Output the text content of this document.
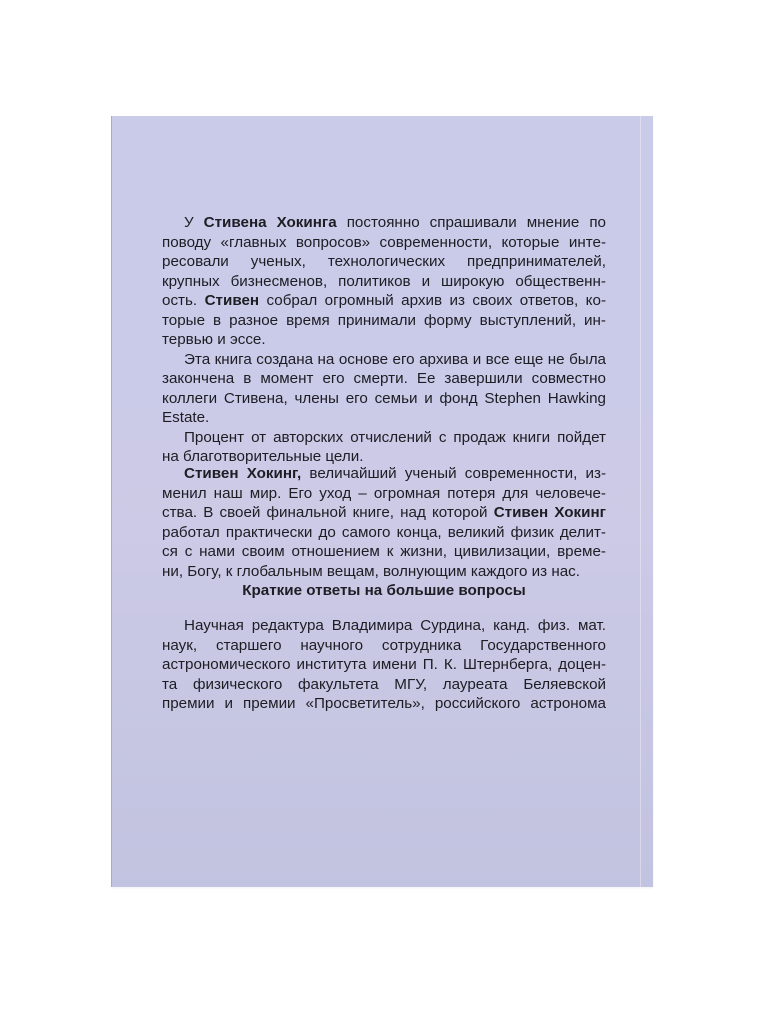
У Стивена Хокинга постоянно спрашивали мнение по
поводу «главных вопросов» современности, которые инте-
ресовали ученых, технологических предпринимателей,
крупных бизнесменов, политиков и широкую общественн-
ость. Стивен собрал огромный архив из своих ответов, ко-
торые в разное время принимали форму выступлений, ин-
тервью и эссе.
Эта книга создана на основе его архива и все еще не была
закончена в момент его смерти. Ее завершили совместно
коллеги Стивена, члены его семьи и фонд Stephen Hawking
Estate.
Процент от авторских отчислений с продаж книги пойдет
на благотворительные цели.
Стивен Хокинг, величайший ученый современности, из-
менил наш мир. Его уход – огромная потеря для человече-
ства. В своей финальной книге, над которой Стивен Хокинг
работал практически до самого конца, великий физик делит-
ся с нами своим отношением к жизни, цивилизации, време-
ни, Богу, к глобальным вещам, волнующим каждого из нас.
Краткие ответы на большие вопросы
Научная редактура Владимира Сурдина, канд. физ. мат.
наук, старшего научного сотрудника Государственного
астрономического института имени П. К. Штернберга, доцен-
та физического факультета МГУ, лауреата Беляевской
премии и премии «Просветитель», российского астронома
